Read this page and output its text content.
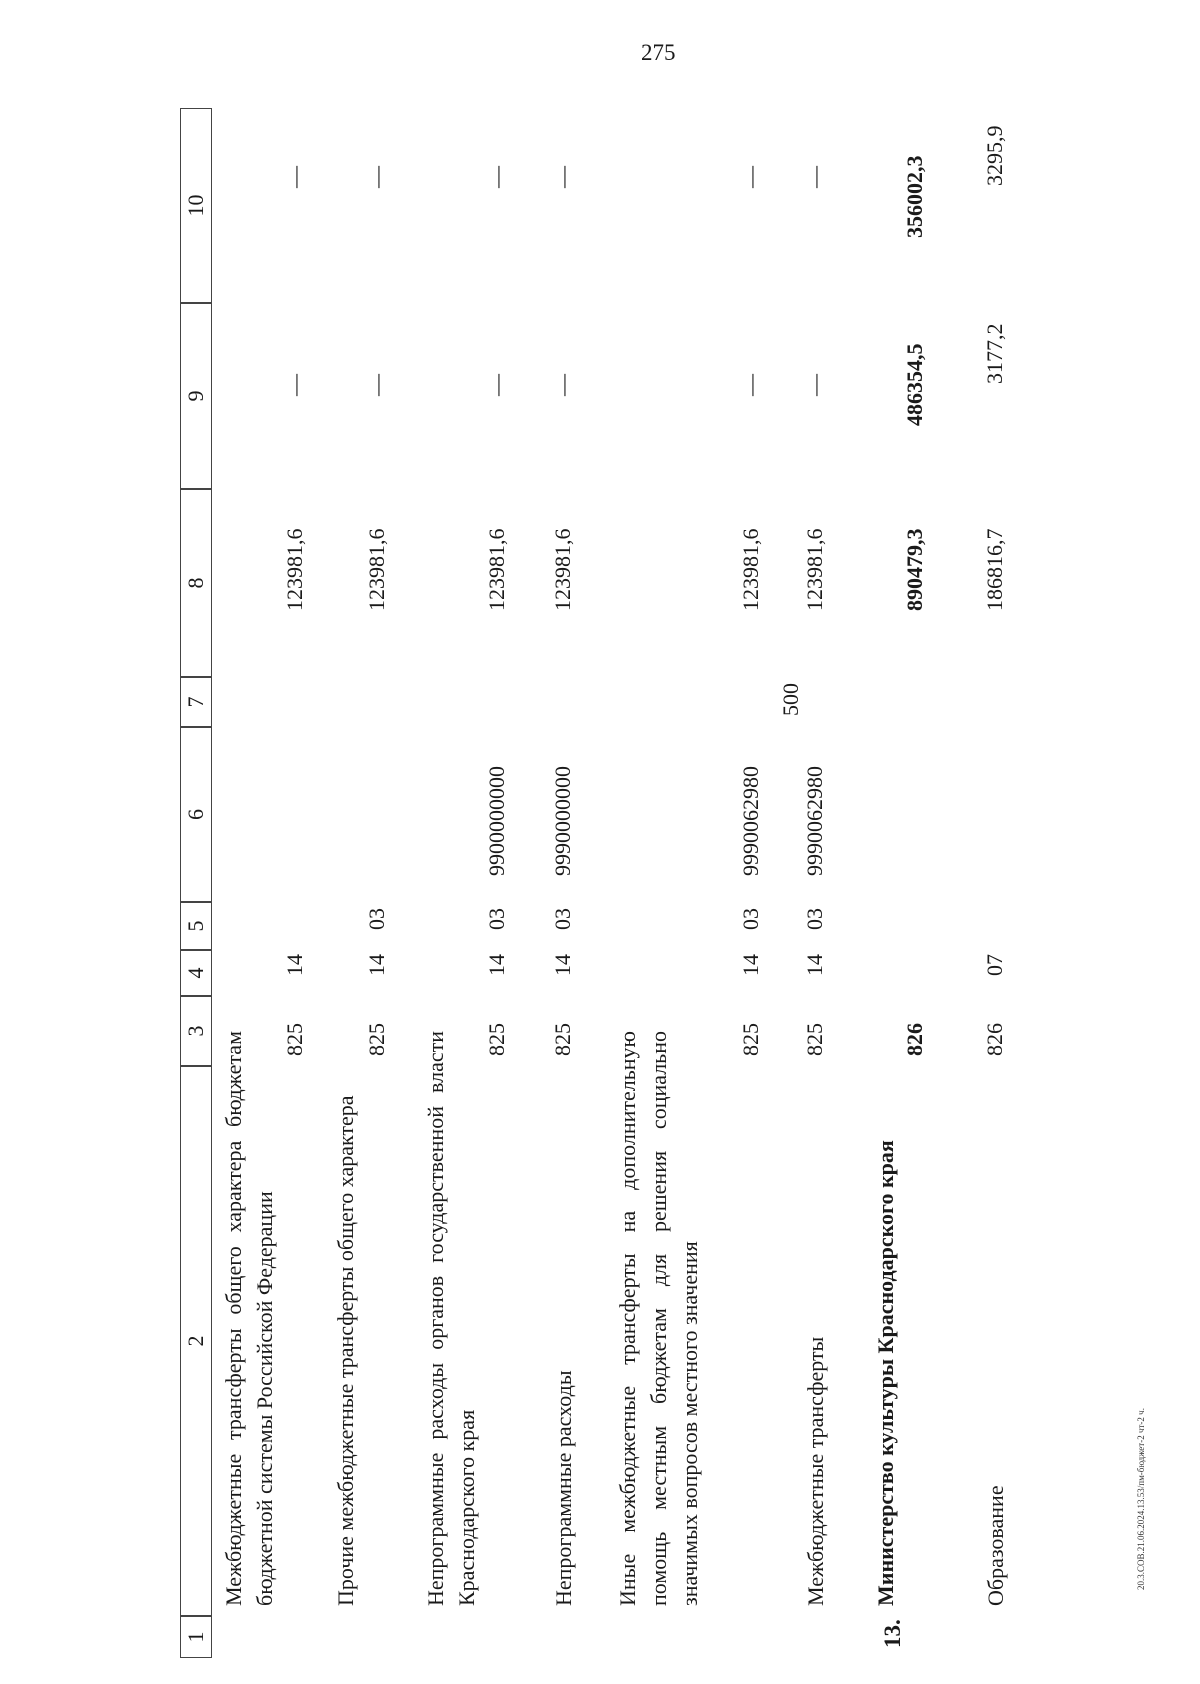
275
1
2
3
4
5
6
7
8
9
10
Межбюджетные трансферты общего характера бюджетам бюджетной системы Российской Федерации
825
14
123981,6
—
—
Прочие межбюджетные трансферты общего характера
825
14
03
123981,6
—
—
Непрограммные расходы органов государственной власти Краснодарского края
825
14
03
9900000000
123981,6
—
—
Непрограммные расходы
825
14
03
9990000000
123981,6
—
—
Иные межбюджетные трансферты на дополнительную помощь местным бюджетам для решения социально значимых вопросов местного значения
825
14
03
9990062980
123981,6
—
—
Межбюджетные трансферты
825
14
03
9990062980
500
123981,6
—
—
13.
Министерство культуры Краснодарского края
826
890479,3
486354,5
356002,3
Образование
826
07
186816,7
3177,2
3295,9
20.3.СОВ.21.06.2024.13.53/пм-бюджет-2 чт-2 ч.
